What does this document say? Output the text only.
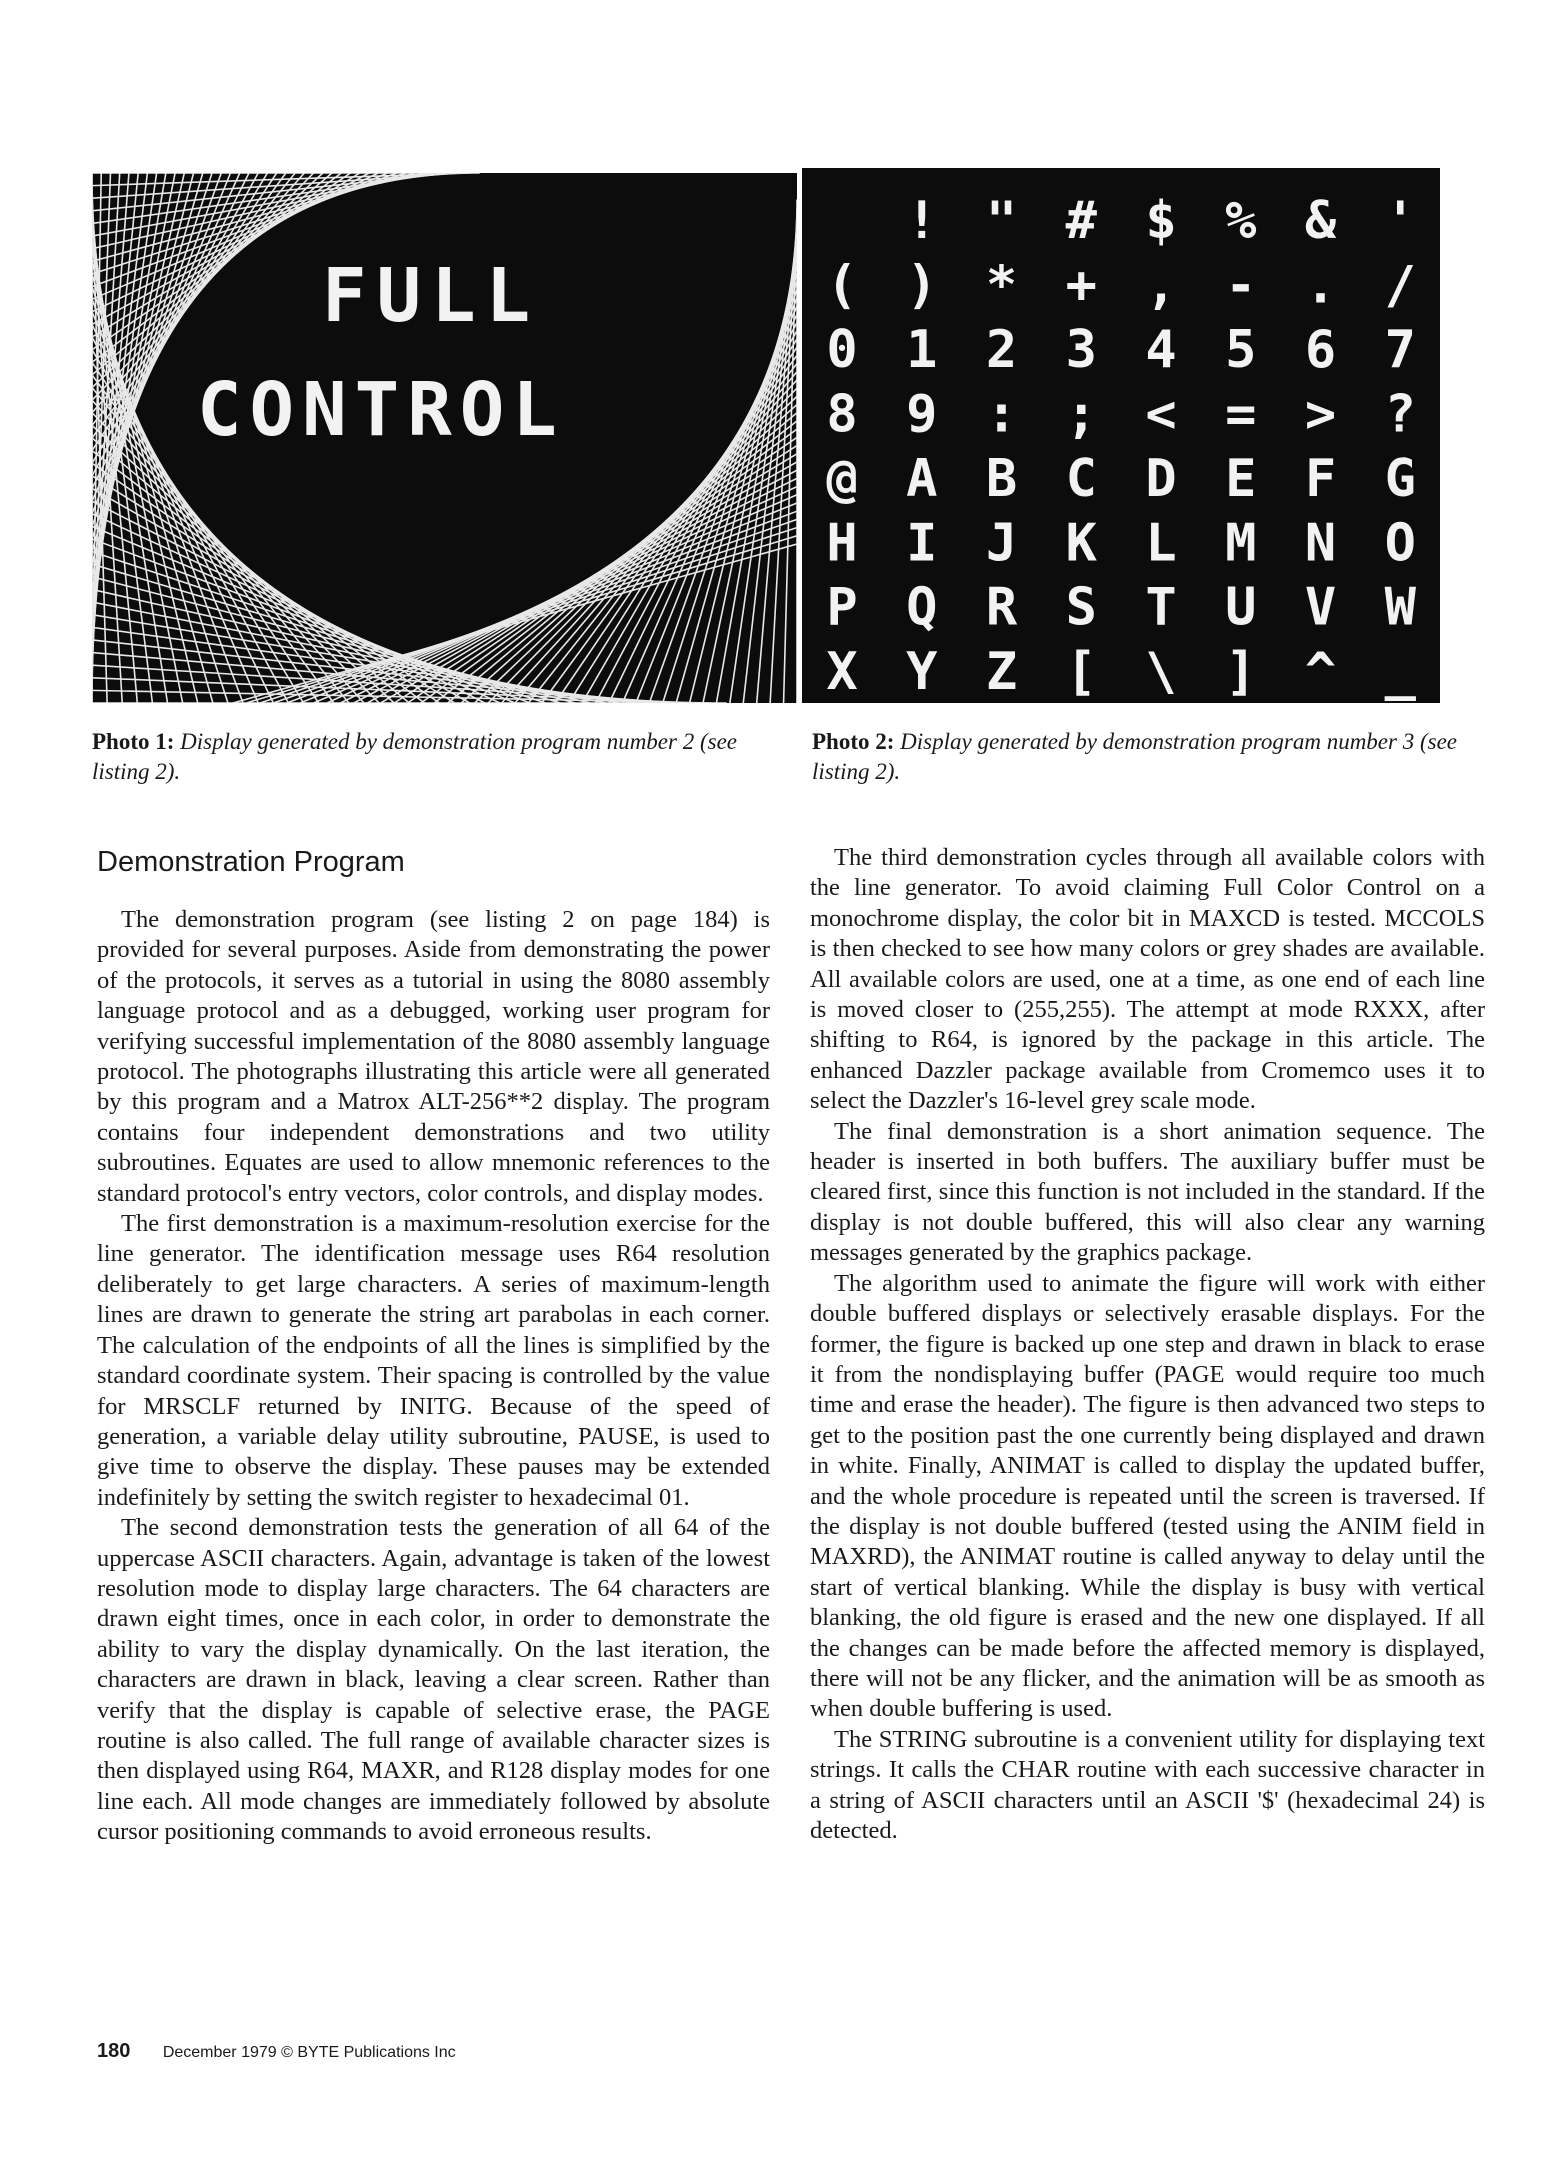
FULL
CONTROL
! " # $ % & '
( ) * + , - . /
0 1 2 3 4 5 6 7
8 9 : ; < = > ?
@ A B C D E F G
H I J K L M N O
P Q R S T U V W
X Y Z [ \ ] ^ _
Photo 1: Display generated by demonstration program number 2 (see listing 2).
Photo 2: Display generated by demonstration program number 3 (see listing 2).
Demonstration Program

The demonstration program (see listing 2 on page 184) is provided for several purposes. Aside from demonstrating the power of the protocols, it serves as a tutorial in using the 8080 assembly language protocol and as a debugged, working user program for verifying successful implementation of the 8080 assembly language protocol. The photographs illustrating this article were all generated by this program and a Matrox ALT-256**2 display. The program contains four independent demonstrations and two utility subroutines. Equates are used to allow mnemonic references to the standard protocol's entry vectors, color controls, and display modes.

The first demonstration is a maximum-resolution exercise for the line generator. The identification message uses R64 resolution deliberately to get large characters. A series of maximum-length lines are drawn to generate the string art parabolas in each corner. The calculation of the endpoints of all the lines is simplified by the standard coordinate system. Their spacing is controlled by the value for MRSCLF returned by INITG. Because of the speed of generation, a variable delay utility subroutine, PAUSE, is used to give time to observe the display. These pauses may be extended indefinitely by setting the switch register to hexadecimal 01.

The second demonstration tests the generation of all 64 of the uppercase ASCII characters. Again, advantage is taken of the lowest resolution mode to display large characters. The 64 characters are drawn eight times, once in each color, in order to demonstrate the ability to vary the display dynamically. On the last iteration, the characters are drawn in black, leaving a clear screen. Rather than verify that the display is capable of selective erase, the PAGE routine is also called. The full range of available character sizes is then displayed using R64, MAXR, and R128 display modes for one line each. All mode changes are immediately followed by absolute cursor positioning commands to avoid erroneous results.

The third demonstration cycles through all available colors with the line generator. To avoid claiming Full Color Control on a monochrome display, the color bit in MAXCD is tested. MCCOLS is then checked to see how many colors or grey shades are available. All available colors are used, one at a time, as one end of each line is moved closer to (255,255). The attempt at mode RXXX, after shifting to R64, is ignored by the package in this article. The enhanced Dazzler package available from Cromemco uses it to select the Dazzler's 16-level grey scale mode.

The final demonstration is a short animation sequence. The header is inserted in both buffers. The auxiliary buffer must be cleared first, since this function is not included in the standard. If the display is not double buffered, this will also clear any warning messages generated by the graphics package.

The algorithm used to animate the figure will work with either double buffered displays or selectively erasable displays. For the former, the figure is backed up one step and drawn in black to erase it from the nondisplaying buffer (PAGE would require too much time and erase the header). The figure is then advanced two steps to get to the position past the one currently being displayed and drawn in white. Finally, ANIMAT is called to display the updated buffer, and the whole procedure is repeated until the screen is traversed. If the display is not double buffered (tested using the ANIM field in MAXRD), the ANIMAT routine is called anyway to delay until the start of vertical blanking. While the display is busy with vertical blanking, the old figure is erased and the new one displayed. If all the changes can be made before the affected memory is displayed, there will not be any flicker, and the animation will be as smooth as when double buffering is used.

The STRING subroutine is a convenient utility for displaying text strings. It calls the CHAR routine with each successive character in a string of ASCII characters until an ASCII '$' (hexadecimal 24) is detected.

180 December 1979 © BYTE Publications Inc
